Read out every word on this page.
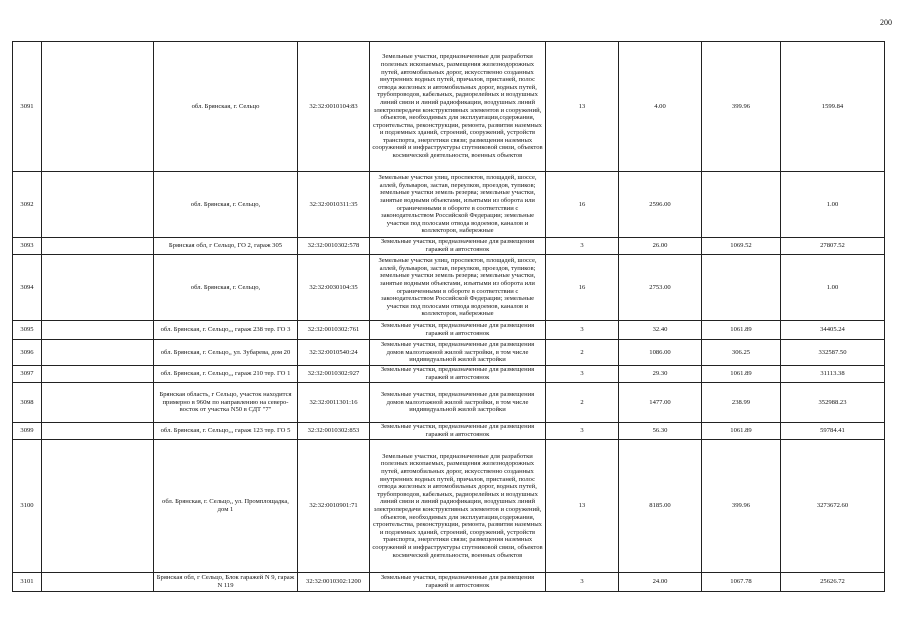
200
3091		обл. Брянская, г. Сельцо	32:32:0010104:83	Земельные участки, предназначенные для разработки полезных ископаемых, размещения железнодорожных путей, автомобильных дорог, искусственно созданных внутренних водных путей, причалов, пристаней, полос отвода железных и автомобильных дорог, водных путей, трубопроводов, кабельных, радиорелейных и воздушных линий связи и линий радиофикации, воздушных линий электропередачи конструктивных элементов и сооружений, объектов, необходимых для эксплуатации,содержания, строительства, реконструкции, ремонта, развития наземных и подземных зданий, строений, сооружений, устройств транспорта, энергетики связи; размещения наземных сооружений и инфраструктуры спутниковой связи, объектов космической деятельности, военных объектов	13	4.00	399.96	1599.84
3092		обл. Брянская, г. Сельцо,	32:32:0010311:35	Земельные участки улиц, проспектов, площадей, шоссе, аллей, бульваров, застав, переулков, проездов, тупиков; земельные участки земель резерва; земельные участки, занятые водными объектами, изъятыми из оборота или ограниченными в обороте в соответствии с законодательством Российской Федерации; земельные участки под полосами отвода водоемов, каналов и коллекторов, набережные	16	2596.00		1.00
3093		Брянская обл, г Сельцо, ГО 2, гараж 305	32:32:0010302:578	Земельные участки, предназначенные для размещения гаражей и автостоянок	3	26.00	1069.52	27807.52
3094		обл. Брянская, г. Сельцо,	32:32:0030104:35	Земельные участки улиц, проспектов, площадей, шоссе, аллей, бульваров, застав, переулков, проездов, тупиков; земельные участки земель резерва; земельные участки, занятые водными объектами, изъятыми из оборота или ограниченными в обороте в соответствии с законодательством Российской Федерации; земельные участки под полосами отвода водоемов, каналов и коллекторов, набережные	16	2753.00		1.00
3095		обл. Брянская, г. Сельцо,,, гараж 238 тер. ГО 3	32:32:0010302:761	Земельные участки, предназначенные для размещения гаражей и автостоянок	3	32.40	1061.89	34405.24
3096		обл. Брянская, г. Сельцо,, ул. Зубарева, дом 20	32:32:0010540:24	Земельные участки, предназначенные для размещения домов малоэтажной жилой застройки, в том числе индивидуальной жилой застройки	2	1086.00	306.25	332587.50
3097		обл. Брянская, г. Сельцо,,, гараж 210 тер. ГО 1	32:32:0010302:927	Земельные участки, предназначенные для размещения гаражей и автостоянок	3	29.30	1061.89	31113.38
3098		Брянская область, г Сельцо, участок находится примерно в 960м по направлению на северо-восток от участка N50 в СДТ "7"	32:32:0011301:16	Земельные участки, предназначенные для размещения домов малоэтажной жилой застройки, в том числе индивидуальной жилой застройки	2	1477.00	238.99	352988.23
3099		обл. Брянская, г. Сельцо,,, гараж 123 тер. ГО 5	32:32:0010302:853	Земельные участки, предназначенные для размещения гаражей и автостоянок	3	56.30	1061.89	59784.41
3100		обл. Брянская, г. Сельцо,, ул. Промплощадка, дом 1	32:32:0010901:71	Земельные участки, предназначенные для разработки полезных ископаемых, размещения железнодорожных путей, автомобильных дорог, искусственно созданных внутренних водных путей, причалов, пристаней, полос отвода железных и автомобильных дорог, водных путей, трубопроводов, кабельных, радиорелейных и воздушных линий связи и линий радиофикации, воздушных линий электропередачи конструктивных элементов и сооружений, объектов, необходимых для эксплуатации,содержания, строительства, реконструкции, ремонта, развития наземных и подземных зданий, строений, сооружений, устройств транспорта, энергетики связи; размещения наземных сооружений и инфраструктуры спутниковой связи, объектов космической деятельности, военных объектов	13	8185.00	399.96	3273672.60
3101		Брянская обл, г Сельцо, Блок гаражей N 9, гараж N 119	32:32:0010302:1200	Земельные участки, предназначенные для размещения гаражей и автостоянок	3	24.00	1067.78	25626.72
